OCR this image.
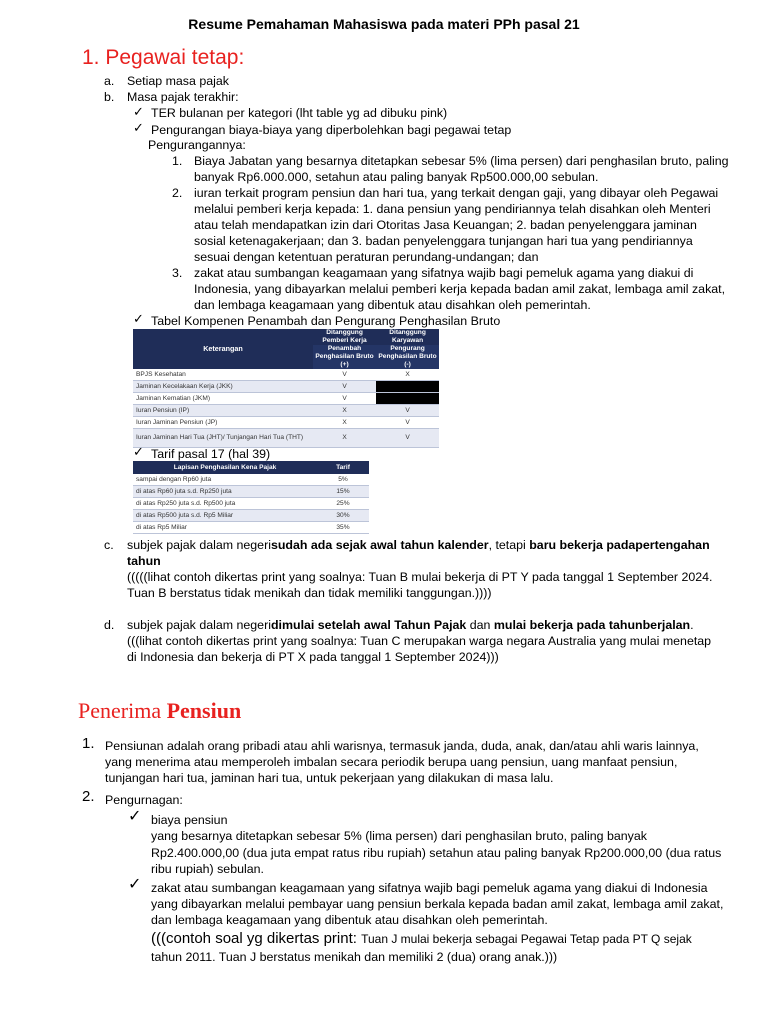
Resume Pemahaman Mahasiswa pada materi PPh pasal 21
1. Pegawai tetap:
a. Setiap masa pajak
b. Masa pajak terakhir:
✓ TER bulanan per kategori (lht table yg ad dibuku pink)
✓ Pengurangan biaya-biaya yang diperbolehkan bagi pegawai tetap
Pengurangannya:
1. Biaya Jabatan yang besarnya ditetapkan sebesar 5% (lima persen) dari penghasilan bruto, paling
banyak Rp6.000.000, setahun atau paling banyak Rp500.000,00 sebulan.
2. iuran terkait program pensiun dan hari tua, yang terkait dengan gaji, yang dibayar oleh Pegawai
melalui pemberi kerja kepada: 1. dana pensiun yang pendiriannya telah disahkan oleh Menteri
atau telah mendapatkan izin dari Otoritas Jasa Keuangan; 2. badan penyelenggara jaminan
sosial ketenagakerjaan; dan 3. badan penyelenggara tunjangan hari tua yang pendiriannya
sesuai dengan ketentuan peraturan perundang-undangan; dan
3. zakat atau sumbangan keagamaan yang sifatnya wajib bagi pemeluk agama yang diakui di
Indonesia, yang dibayarkan melalui pemberi kerja kepada badan amil zakat, lembaga amil zakat,
dan lembaga keagamaan yang dibentuk atau disahkan oleh pemerintah.
✓ Tabel Kompenen Penambah dan Pengurang Penghasilan Bruto
Keterangan	Ditanggung Pemberi Kerja	Ditanggung Karyawan
	Penambah Penghasilan Bruto (+)	Pengurang Penghasilan Bruto (-)
BPJS Kesehatan	V	X
Jaminan Kecelakaan Kerja (JKK)	V	
Jaminan Kematian (JKM)	V	
Iuran Pensiun (IP)	X	V
Iuran Jaminan Pensiun (JP)	X	V
Iuran Jaminan Hari Tua (JHT)/ Tunjangan Hari Tua (THT)	X	V
✓ Tarif pasal 17 (hal 39)
Lapisan Penghasilan Kena Pajak	Tarif
sampai dengan Rp60 juta	5%
di atas Rp60 juta s.d. Rp250 juta	15%
di atas Rp250 juta s.d. Rp500 juta	25%
di atas Rp500 juta s.d. Rp5 Miliar	30%
di atas Rp5 Miliar	35%
c. subjek pajak dalam negerisudah ada sejak awal tahun kalender, tetapi baru bekerja padapertengahan
tahun
(((((lihat contoh dikertas print yang soalnya: Tuan B mulai bekerja di PT Y pada tanggal 1 September 2024.
Tuan B berstatus tidak menikah dan tidak memiliki tanggungan.))))
d. subjek pajak dalam negeridimulai setelah awal Tahun Pajak dan mulai bekerja pada tahunberjalan.
(((lihat contoh dikertas print yang soalnya: Tuan C merupakan warga negara Australia yang mulai menetap
di Indonesia dan bekerja di PT X pada tanggal 1 September 2024)))
Penerima Pensiun
1. Pensiunan adalah orang pribadi atau ahli warisnya, termasuk janda, duda, anak, dan/atau ahli waris lainnya,
yang menerima atau memperoleh imbalan secara periodik berupa uang pensiun, uang manfaat pensiun,
tunjangan hari tua, jaminan hari tua, untuk pekerjaan yang dilakukan di masa lalu.
2. Pengurnagan:
✓ biaya pensiun
yang besarnya ditetapkan sebesar 5% (lima persen) dari penghasilan bruto, paling banyak
Rp2.400.000,00 (dua juta empat ratus ribu rupiah) setahun atau paling banyak Rp200.000,00 (dua ratus
ribu rupiah) sebulan.
✓ zakat atau sumbangan keagamaan yang sifatnya wajib bagi pemeluk agama yang diakui di Indonesia
yang dibayarkan melalui pembayar uang pensiun berkala kepada badan amil zakat, lembaga amil zakat,
dan lembaga keagamaan yang dibentuk atau disahkan oleh pemerintah.
(((contoh soal yg dikertas print: Tuan J mulai bekerja sebagai Pegawai Tetap pada PT Q sejak
tahun 2011. Tuan J berstatus menikah dan memiliki 2 (dua) orang anak.)))
